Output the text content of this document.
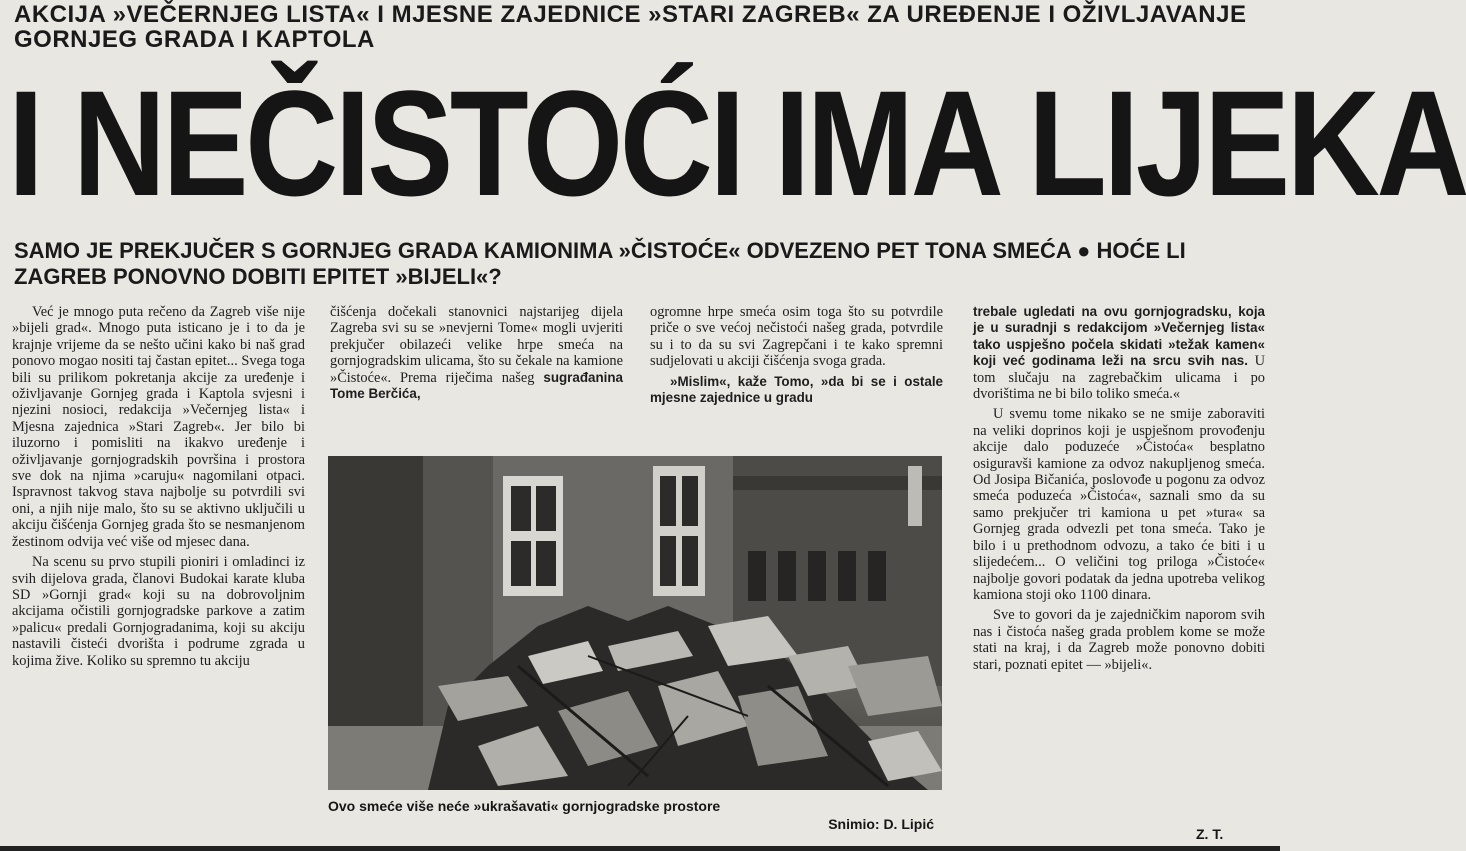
AKCIJA »VEČERNJEG LISTA« I MJESNE ZAJEDNICE »STARI ZAGREB« ZA UREĐENJE I OŽIVLJAVANJE
GORNJEG GRADA I KAPTOLA

I NEČISTOĆI IMA LIJEKA

SAMO JE PREKJUČER S GORNJEG GRADA KAMIONIMA »ČISTOĆE« ODVEZENO PET TONA SMEĆA ● HOĆE LI ZAGREB PONOVNO DOBITI EPITET »BIJELI«?

Već je mnogo puta rečeno da Zagreb više nije »bijeli grad«. Mnogo puta isticano je i to da je krajnje vrijeme da se nešto učini kako bi naš grad ponovo mogao nositi taj častan epitet... Svega toga bili su prilikom pokretanja akcije za uređenje i oživljavanje Gornjeg grada i Kaptola svjesni i njezini nosioci, redakcija »Večernjeg lista« i Mjesna zajednica »Stari Zagreb«. Jer bilo bi iluzorno i pomisliti na ikakvo uređenje i oživljavanje gornjogradskih površina i prostora sve dok na njima »caruju« nagomilani otpaci. Ispravnost takvog stava najbolje su potvrdili svi oni, a njih nije malo, što su se aktivno uključili u akciju čišćenja Gornjeg grada što se nesmanjenom žestinom odvija već više od mjesec dana.

Na scenu su prvo stupili pioniri i omladinci iz svih dijelova grada, članovi Budokai karate kluba SD »Gornji grad« koji su na dobrovoljnim akcijama očistili gornjogradske parkove a zatim »palicu« predali Gornjogradanima, koji su akciju nastavili čisteći dvorišta i podrume zgrada u kojima žive. Koliko su spremno tu akciju

čišćenja dočekali stanovnici najstarijeg dijela Zagreba svi su se »nevjerni Tome« mogli uvjeriti prekjučer obilazeći velike hrpe smeća na gornjogradskim ulicama, što su čekale na kamione »Čistoće«. Prema riječima našeg sugrađanina Tome Berčića,

ogromne hrpe smeća osim toga što su potvrdile priče o sve većoj nečistoći našeg grada, potvrdile su i to da su svi Zagrepčani i te kako spremni sudjelovati u akciji čišćenja svoga grada.

»Mislim«, kaže Tomo, »da bi se i ostale mjesne zajednice u gradu

trebale ugledati na ovu gornjogradsku, koja je u suradnji s redakcijom »Večernjeg lista« tako uspješno počela skidati »težak kamen« koji već godinama leži na srcu svih nas. U tom slučaju na zagrebačkim ulicama i po dvorištima ne bi bilo toliko smeća.«

U svemu tome nikako se ne smije zaboraviti na veliki doprinos koji je uspješnom provođenju akcije dalo poduzeće »Čistoća« besplatno osiguravši kamione za odvoz nakupljenog smeća. Od Josipa Bičanića, poslovođe u pogonu za odvoz smeća poduzeća »Čistoća«, saznali smo da su samo prekjučer tri kamiona u pet »tura« sa Gornjeg grada odvezli pet tona smeća. Tako je bilo i u prethodnom odvozu, a tako će biti i u slijedećem... O veličini tog priloga »Čistoće« najbolje govori podatak da jedna upotreba velikog kamiona stoji oko 1100 dinara.

Sve to govori da je zajedničkim naporom svih nas i čistoća našeg grada problem kome se može stati na kraj, i da Zagreb može ponovno dobiti stari, poznati epitet — »bijeli«.

Ovo smeće više neće »ukrašavati« gornjogradske prostore
Snimio: D. Lipić

Z. T.
